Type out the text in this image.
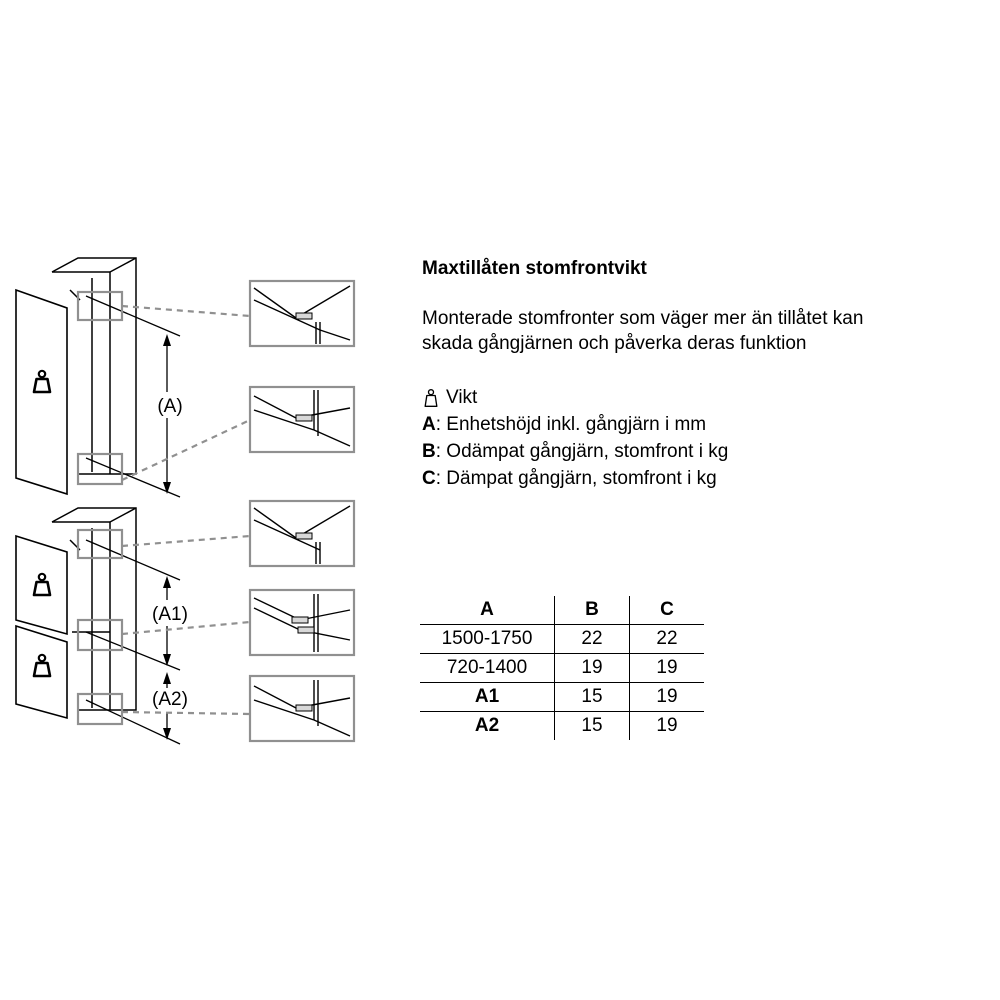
(A)
(A1)
(A2)
Maxtillåten stomfrontvikt
Monterade stomfronter som väger mer än tillåtet kan
skada gångjärnen och påverka deras funktion
Vikt
A : Enhetshöjd inkl. gångjärn i mm
B : Odämpat gångjärn, stomfront i kg
C : Dämpat gångjärn, stomfront i kg
A	B	C
1500-1750	22	22
720-1400	19	19
A1	15	19
A2	15	19
